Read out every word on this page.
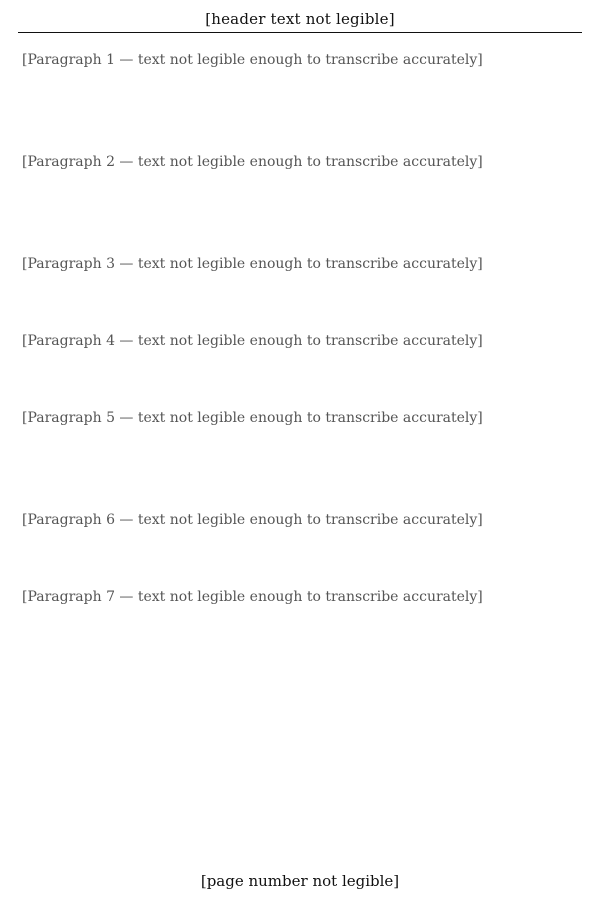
[header text not legible]

[Paragraph 1 — text not legible enough to transcribe accurately]

[Paragraph 2 — text not legible enough to transcribe accurately]

[Paragraph 3 — text not legible enough to transcribe accurately]

[Paragraph 4 — text not legible enough to transcribe accurately]

[Paragraph 5 — text not legible enough to transcribe accurately]

[Paragraph 6 — text not legible enough to transcribe accurately]

[Paragraph 7 — text not legible enough to transcribe accurately]

[page number not legible]
